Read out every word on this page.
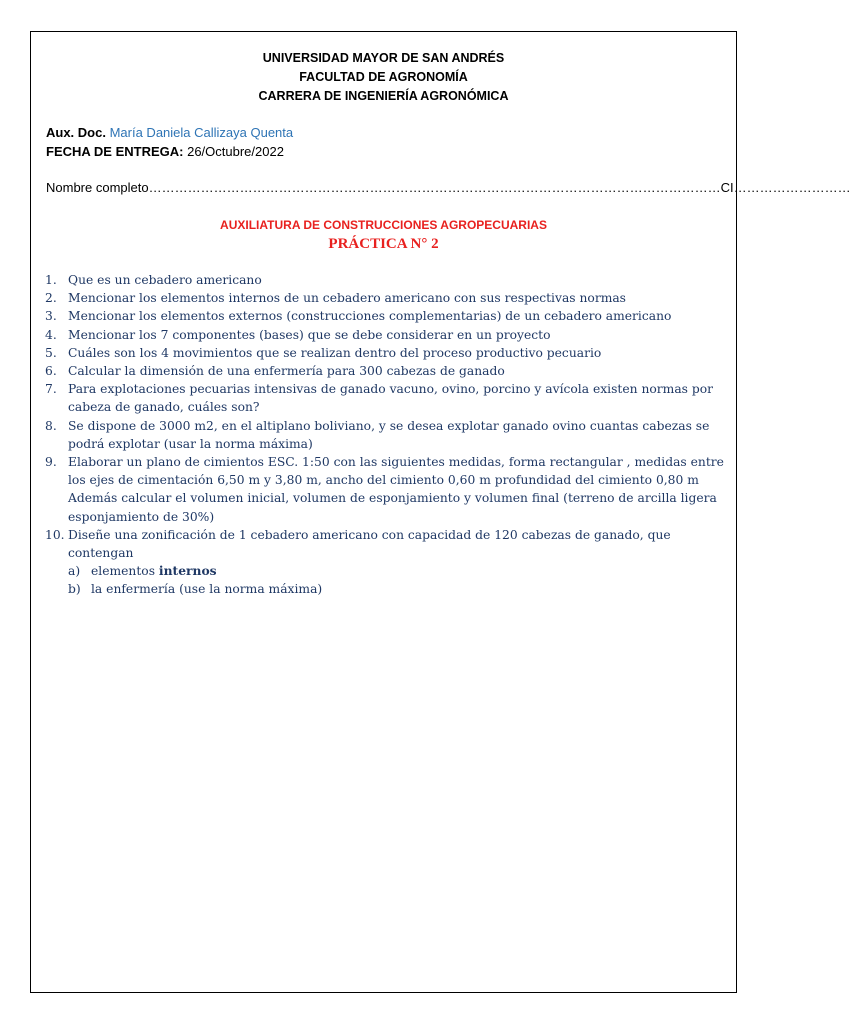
UNIVERSIDAD MAYOR DE SAN ANDRÉS
FACULTAD DE AGRONOMÍA
CARRERA DE INGENIERÍA AGRONÓMICA
Aux. Doc. María Daniela Callizaya Quenta
FECHA DE ENTREGA: 26/Octubre/2022
Nombre completo……………………………………………………………………………………………………………………CI………………………
AUXILIATURA DE CONSTRUCCIONES AGROPECUARIAS
PRÁCTICA N° 2
1. Que es un cebadero americano
2. Mencionar los elementos internos de un cebadero americano con sus respectivas normas
3. Mencionar los elementos externos (construcciones complementarias) de un cebadero americano
4. Mencionar los 7 componentes (bases) que se debe considerar en un proyecto
5. Cuáles son los 4 movimientos que se realizan dentro del proceso productivo pecuario
6. Calcular la dimensión de una enfermería para 300 cabezas de ganado
7. Para explotaciones pecuarias intensivas de ganado vacuno, ovino, porcino y avícola existen normas por cabeza de ganado, cuáles son?
8. Se dispone de 3000 m2, en el altiplano boliviano, y se desea explotar ganado ovino cuantas cabezas se podrá explotar (usar la norma máxima)
9. Elaborar un plano de cimientos ESC. 1:50 con las siguientes medidas, forma rectangular , medidas entre los ejes de cimentación 6,50 m y 3,80 m, ancho del cimiento 0,60 m profundidad del cimiento 0,80 m
Además calcular el volumen inicial, volumen de esponjamiento y volumen final (terreno de arcilla ligera esponjamiento de 30%)
10. Diseñe una zonificación de 1 cebadero americano con capacidad de 120 cabezas de ganado, que contengan
a) elementos internos
b) la enfermería (use la norma máxima)
